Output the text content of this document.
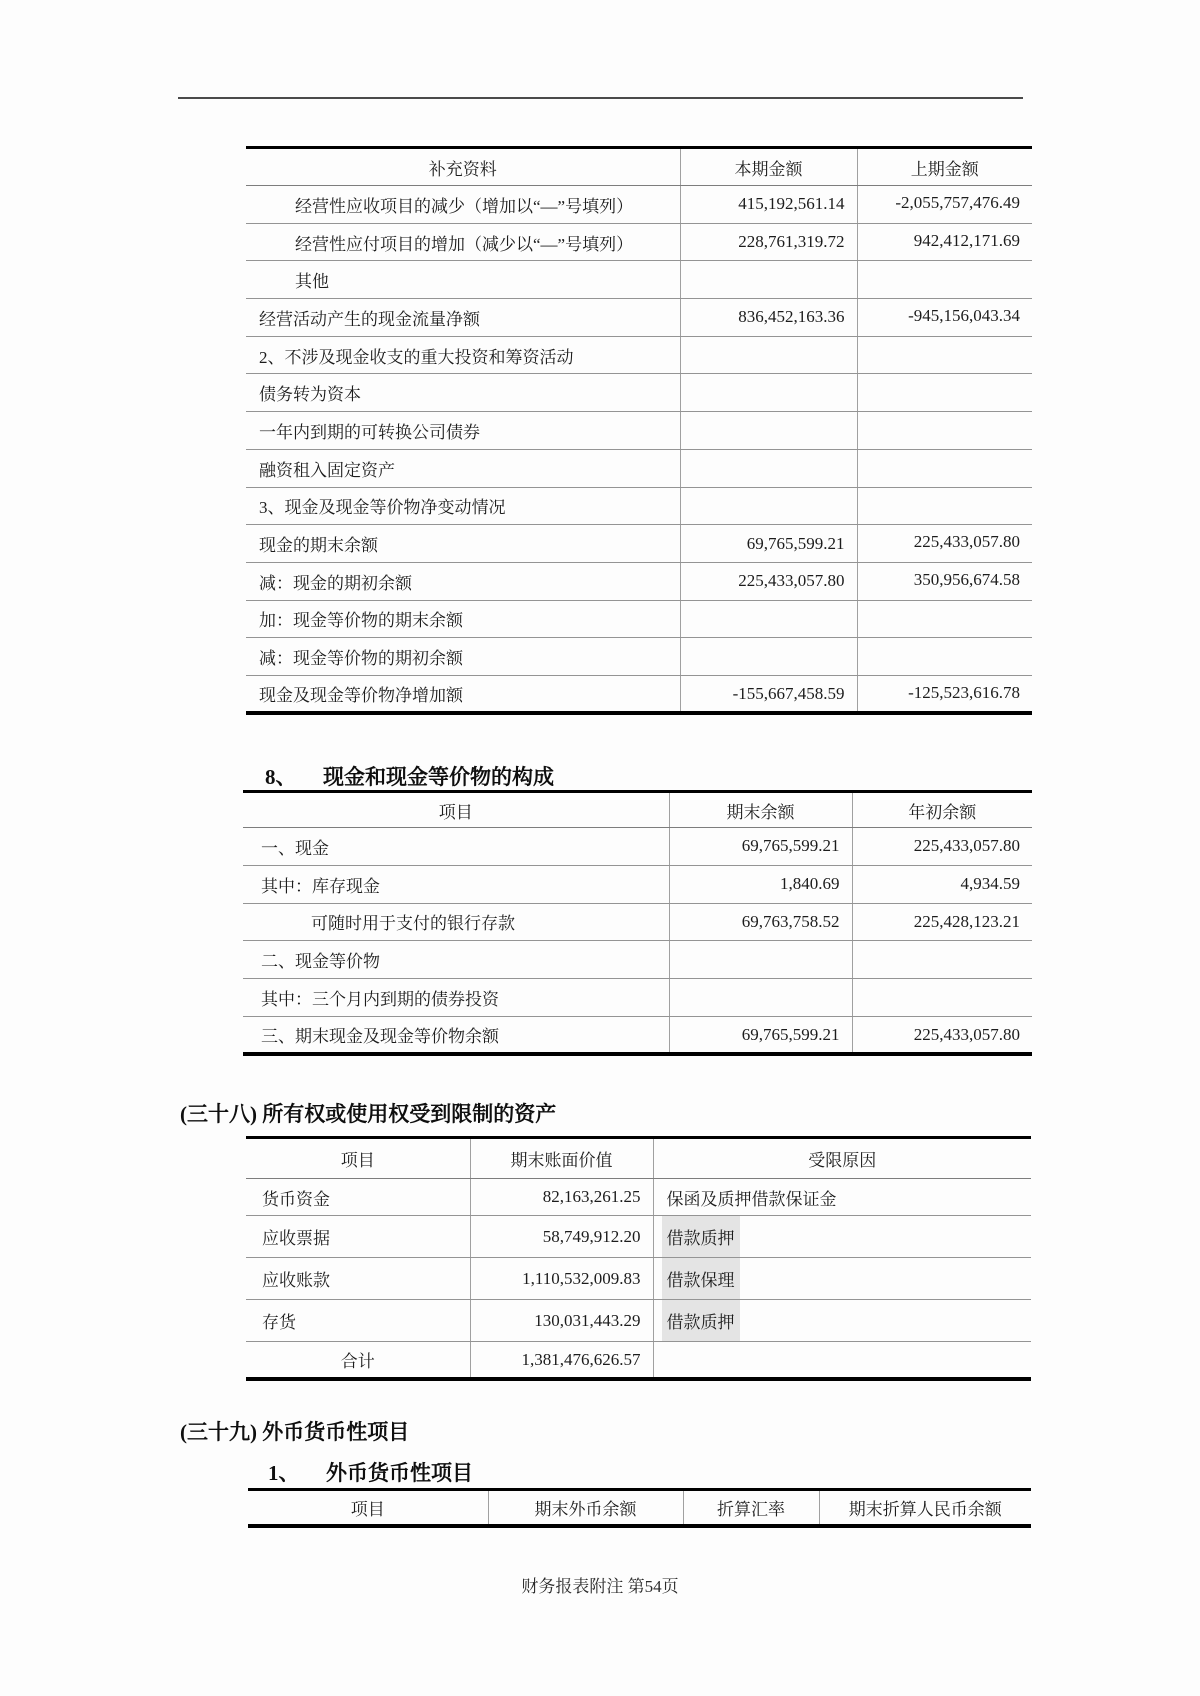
补充资料	本期金额	上期金额
经营性应收项目的减少（增加以“—”号填列）	415,192,561.14	-2,055,757,476.49
经营性应付项目的增加（减少以“—”号填列）	228,761,319.72	942,412,171.69
其他		
经营活动产生的现金流量净额	836,452,163.36	-945,156,043.34
2、不涉及现金收支的重大投资和筹资活动		
债务转为资本		
一年内到期的可转换公司债券		
融资租入固定资产		
3、现金及现金等价物净变动情况		
现金的期末余额	69,765,599.21	225,433,057.80
减：现金的期初余额	225,433,057.80	350,956,674.58
加：现金等价物的期末余额		
减：现金等价物的期初余额		
现金及现金等价物净增加额	-155,667,458.59	-125,523,616.78
8、 现金和现金等价物的构成
项目	期末余额	年初余额
一、现金	69,765,599.21	225,433,057.80
其中：库存现金	1,840.69	4,934.59
可随时用于支付的银行存款	69,763,758.52	225,428,123.21
二、现金等价物		
其中：三个月内到期的债券投资		
三、期末现金及现金等价物余额	69,765,599.21	225,433,057.80
(三十八) 所有权或使用权受到限制的资产
项目	期末账面价值	受限原因
货币资金	82,163,261.25	保函及质押借款保证金
应收票据	58,749,912.20	借款质押
应收账款	1,110,532,009.83	借款保理
存货	130,031,443.29	借款质押
合计	1,381,476,626.57	
(三十九) 外币货币性项目
1、 外币货币性项目
项目	期末外币余额	折算汇率	期末折算人民币余额
财务报表附注 第54页
